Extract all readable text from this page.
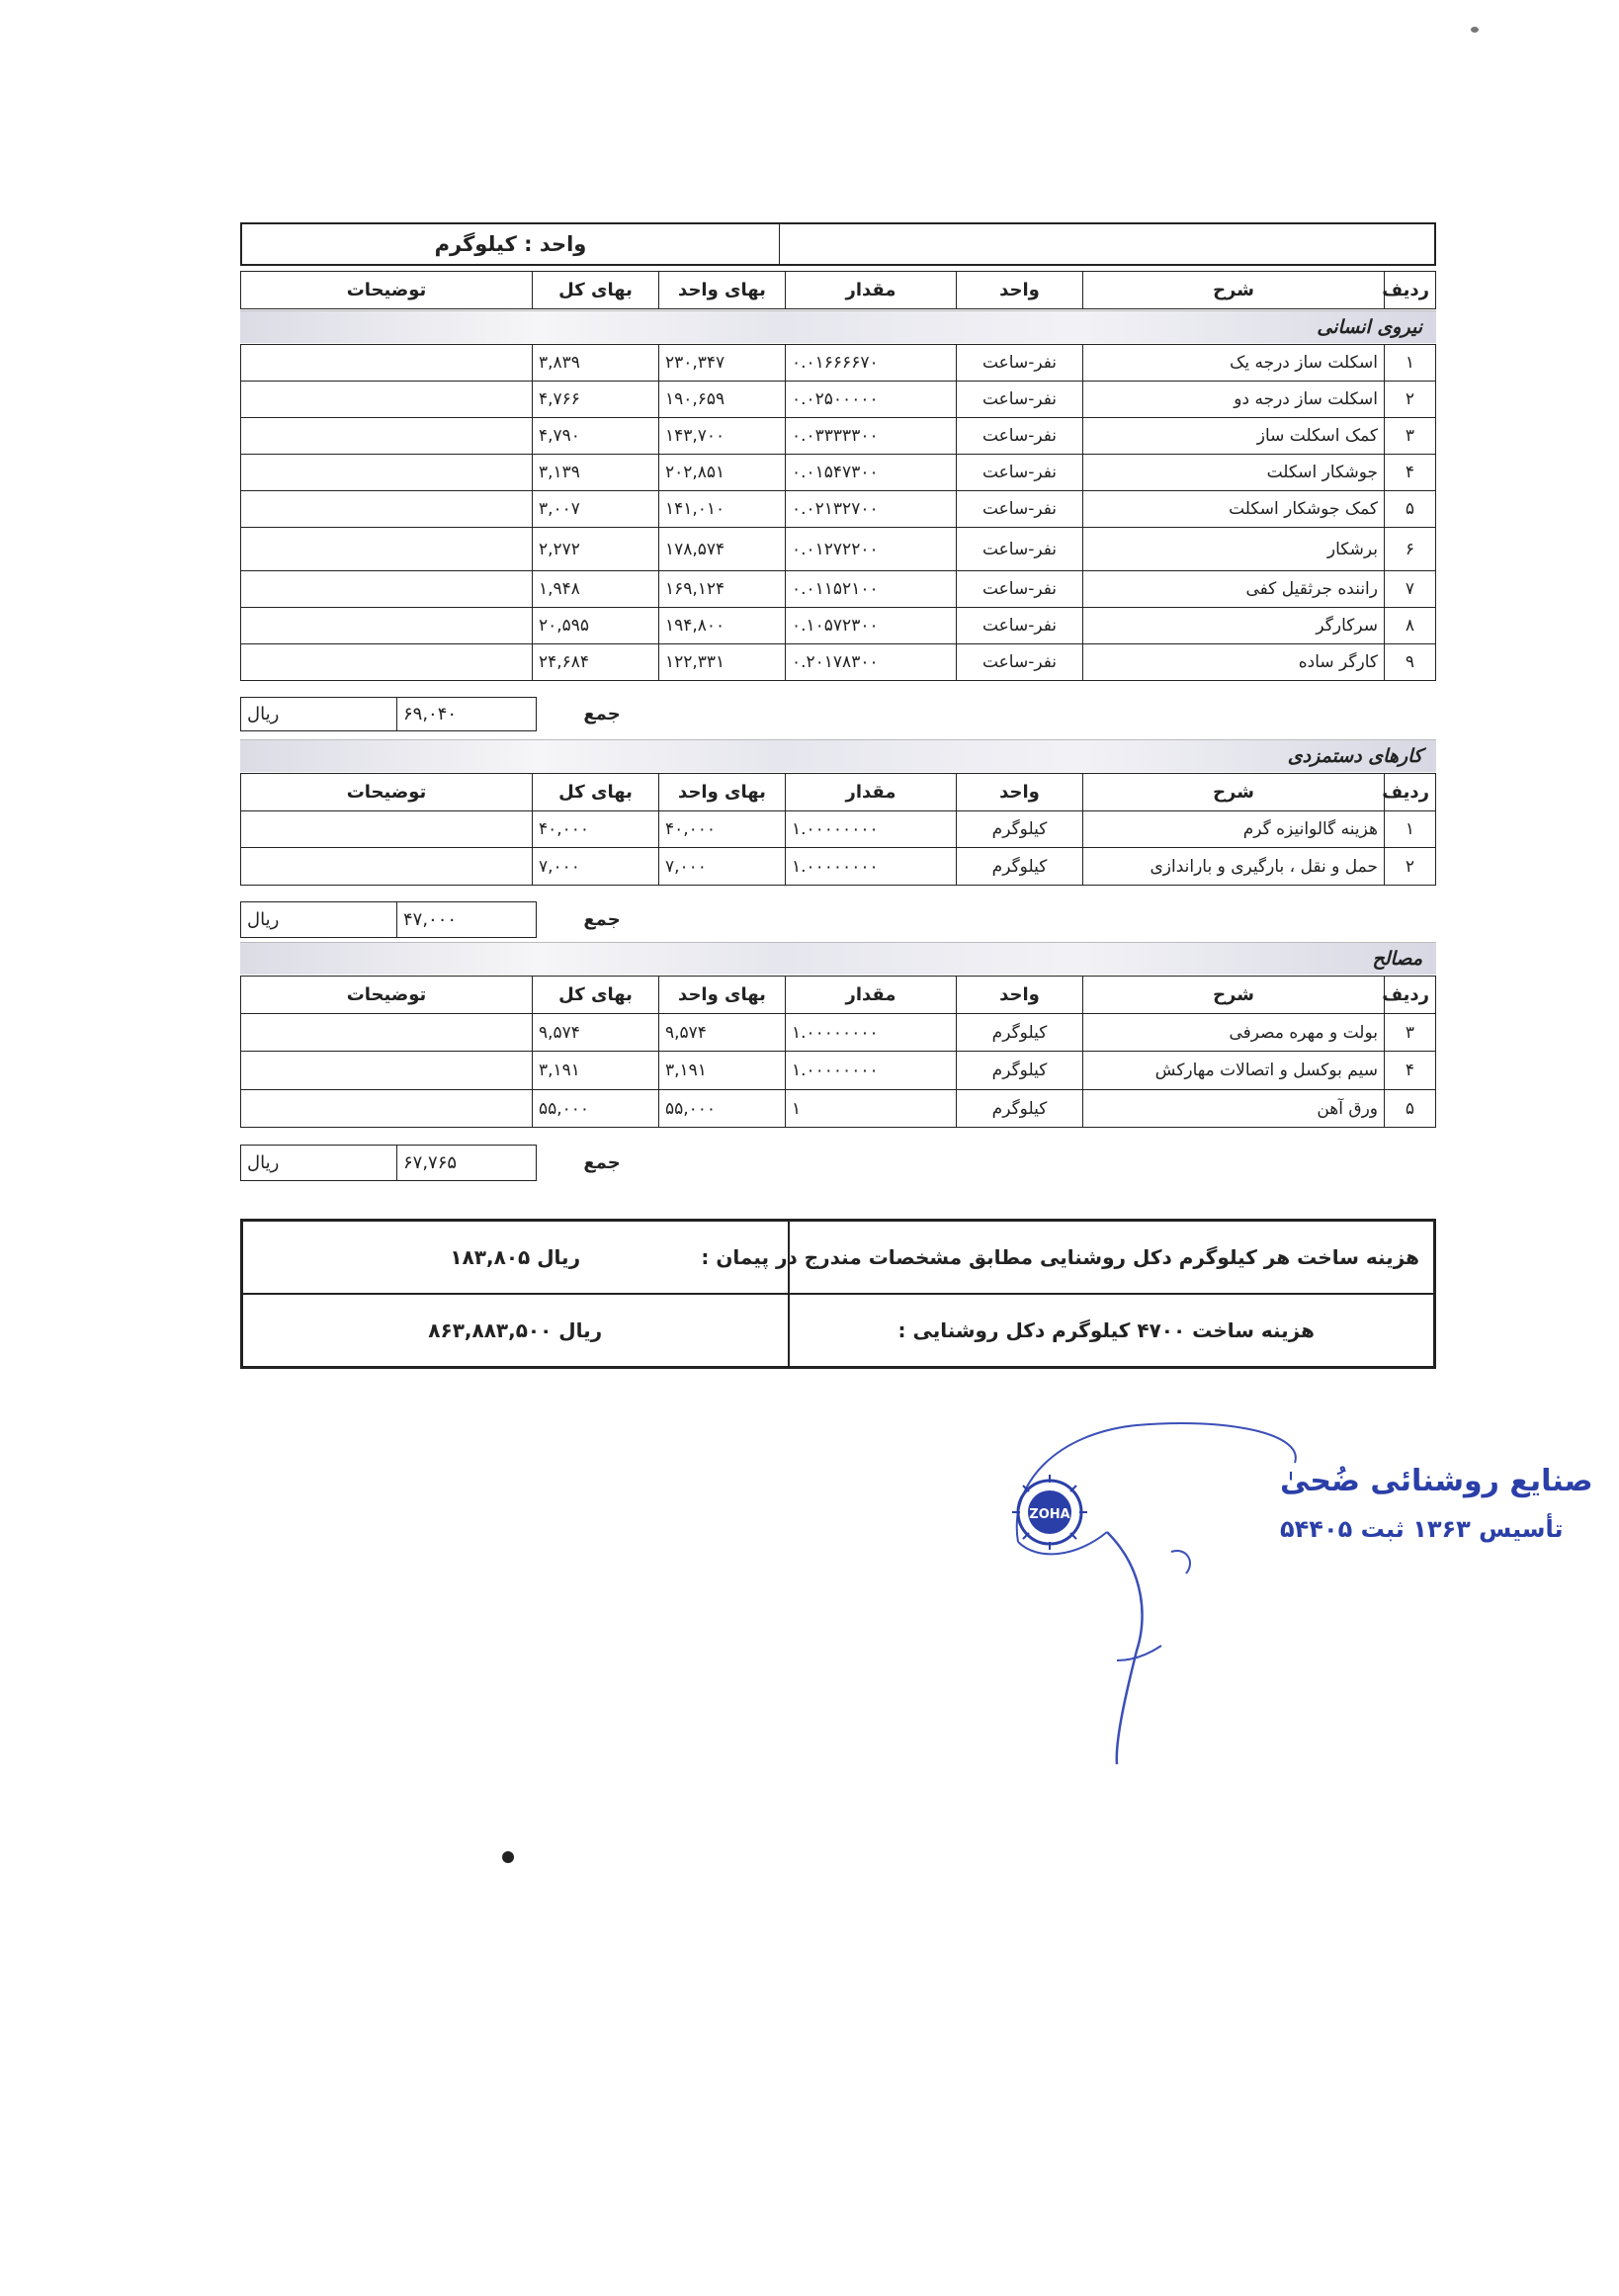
	واحد : کیلوگرم
ردیف	شرح	واحد	مقدار	بهای واحد	بهای کل	توضیحات
نیروی انسانی
۱	اسکلت ساز درجه یک	نفر-ساعت	۰.۰۱۶۶۶۶۷۰	۲۳۰,۳۴۷	۳,۸۳۹	
۲	اسکلت ساز درجه دو	نفر-ساعت	۰.۰۲۵۰۰۰۰۰	۱۹۰,۶۵۹	۴,۷۶۶	
۳	کمک اسکلت ساز	نفر-ساعت	۰.۰۳۳۳۳۳۰۰	۱۴۳,۷۰۰	۴,۷۹۰	
۴	جوشکار اسکلت	نفر-ساعت	۰.۰۱۵۴۷۳۰۰	۲۰۲,۸۵۱	۳,۱۳۹	
۵	کمک جوشکار اسکلت	نفر-ساعت	۰.۰۲۱۳۲۷۰۰	۱۴۱,۰۱۰	۳,۰۰۷	
۶	برشکار	نفر-ساعت	۰.۰۱۲۷۲۲۰۰	۱۷۸,۵۷۴	۲,۲۷۲	
۷	راننده جرثقیل کفی	نفر-ساعت	۰.۰۱۱۵۲۱۰۰	۱۶۹,۱۲۴	۱,۹۴۸	
۸	سرکارگر	نفر-ساعت	۰.۱۰۵۷۲۳۰۰	۱۹۴,۸۰۰	۲۰,۵۹۵	
۹	کارگر ساده	نفر-ساعت	۰.۲۰۱۷۸۳۰۰	۱۲۲,۳۳۱	۲۴,۶۸۴	
جمع	۶۹,۰۴۰	ریال
کارهای دستمزدی
ردیف	شرح	واحد	مقدار	بهای واحد	بهای کل	توضیحات
۱	هزینه گالوانیزه گرم	کیلوگرم	۱.۰۰۰۰۰۰۰۰	۴۰,۰۰۰	۴۰,۰۰۰	
۲	حمل و نقل ، بارگیری و باراندازی	کیلوگرم	۱.۰۰۰۰۰۰۰۰	۷,۰۰۰	۷,۰۰۰	
جمع	۴۷,۰۰۰	ریال
مصالح
ردیف	شرح	واحد	مقدار	بهای واحد	بهای کل	توضیحات
۳	بولت و مهره مصرفی	کیلوگرم	۱.۰۰۰۰۰۰۰۰	۹,۵۷۴	۹,۵۷۴	
۴	سیم بوکسل و اتصالات مهارکش	کیلوگرم	۱.۰۰۰۰۰۰۰۰	۳,۱۹۱	۳,۱۹۱	
۵	ورق آهن	کیلوگرم	۱	۵۵,۰۰۰	۵۵,۰۰۰	
جمع	۶۷,۷۶۵	ریال
هزینه ساخت هر کیلوگرم دکل روشنایی مطابق مشخصات مندرج در پیمان :	ریال ۱۸۳,۸۰۵
هزینه ساخت ۴۷۰۰ کیلوگرم دکل روشنایی :	ریال ۸۶۳,۸۸۳,۵۰۰
ZOHA
صنایع روشنائی ضُحیٰ
تأسیس ۱۳۶۳ ثبت ۵۴۴۰۵
